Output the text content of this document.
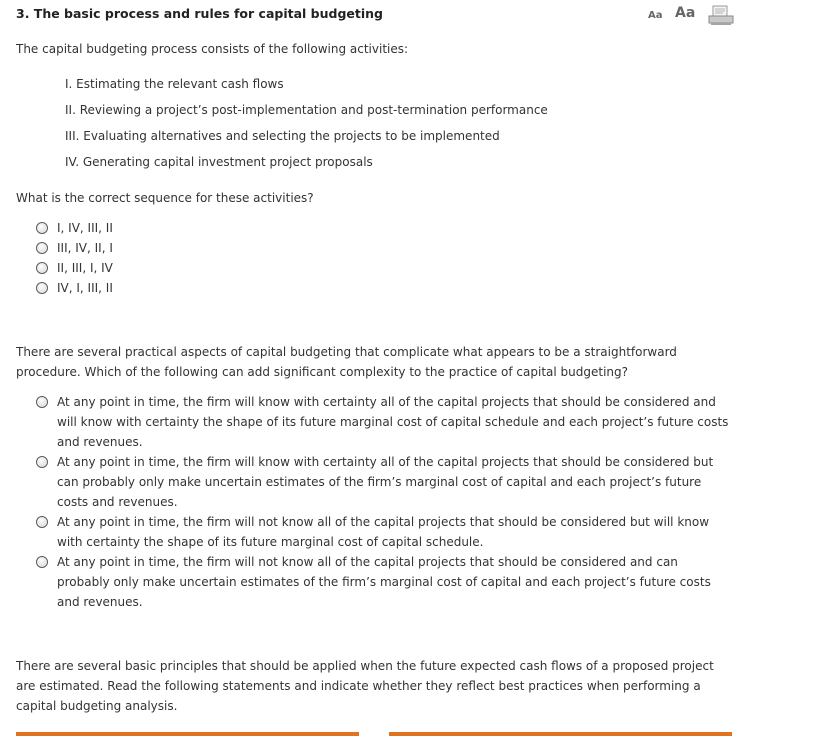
3. The basic process and rules for capital budgeting	Aa Aa
The capital budgeting process consists of the following activities:
I. Estimating the relevant cash flows
II. Reviewing a project’s post-implementation and post-termination performance
III. Evaluating alternatives and selecting the projects to be implemented
IV. Generating capital investment project proposals
What is the correct sequence for these activities?
I, IV, III, II
III, IV, II, I
II, III, I, IV
IV, I, III, II
There are several practical aspects of capital budgeting that complicate what appears to be a straightforward procedure. Which of the following can add significant complexity to the practice of capital budgeting?
At any point in time, the firm will know with certainty all of the capital projects that should be considered and will know with certainty the shape of its future marginal cost of capital schedule and each project’s future costs and revenues.
At any point in time, the firm will know with certainty all of the capital projects that should be considered but can probably only make uncertain estimates of the firm’s marginal cost of capital and each project’s future costs and revenues.
At any point in time, the firm will not know all of the capital projects that should be considered but will know with certainty the shape of its future marginal cost of capital schedule.
At any point in time, the firm will not know all of the capital projects that should be considered and can probably only make uncertain estimates of the firm’s marginal cost of capital and each project’s future costs and revenues.
There are several basic principles that should be applied when the future expected cash flows of a proposed project are estimated. Read the following statements and indicate whether they reflect best practices when performing a capital budgeting analysis.
